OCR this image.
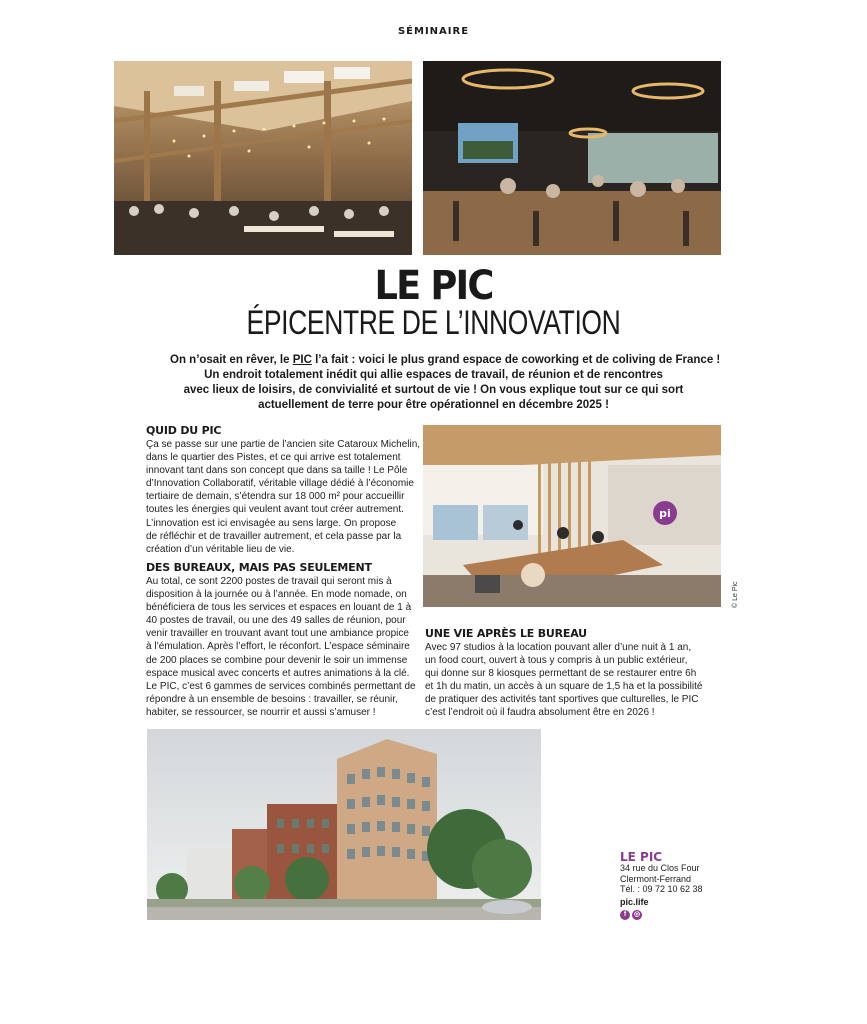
SÉMINAIRE
LE PIC
ÉPICENTRE DE L’INNOVATION
On n’osait en rêver, le PIC l’a fait : voici le plus grand espace de coworking et de coliving de France !
Un endroit totalement inédit qui allie espaces de travail, de réunion et de rencontres
avec lieux de loisirs, de convivialité et surtout de vie ! On vous explique tout sur ce qui sort
actuellement de terre pour être opérationnel en décembre 2025 !
QUID DU PIC
Ça se passe sur une partie de l’ancien site Cataroux Michelin,
dans le quartier des Pistes, et ce qui arrive est totalement
innovant tant dans son concept que dans sa taille ! Le Pôle
d’Innovation Collaboratif, véritable village dédié à l’économie
tertiaire de demain, s’étendra sur 18 000 m² pour accueillir
toutes les énergies qui veulent avant tout créer autrement.
L’innovation est ici envisagée au sens large. On propose
de réfléchir et de travailler autrement, et cela passe par la
création d’un véritable lieu de vie.
DES BUREAUX, MAIS PAS SEULEMENT
Au total, ce sont 2200 postes de travail qui seront mis à
disposition à la journée ou à l’année. En mode nomade, on
bénéficiera de tous les services et espaces en louant de 1 à
40 postes de travail, ou une des 49 salles de réunion, pour
venir travailler en trouvant avant tout une ambiance propice
à l’émulation. Après l’effort, le réconfort. L’espace séminaire
de 200 places se combine pour devenir le soir un immense
espace musical avec concerts et autres animations à la clé.
Le PIC, c’est 6 gammes de services combinés permettant de
répondre à un ensemble de besoins : travailler, se réunir,
habiter, se ressourcer, se nourrir et aussi s’amuser !
pi
© Le Pic
UNE VIE APRÈS LE BUREAU
Avec 97 studios à la location pouvant aller d’une nuit à 1 an,
un food court, ouvert à tous y compris à un public extérieur,
qui donne sur 8 kiosques permettant de se restaurer entre 6h
et 1h du matin, un accès à un square de 1,5 ha et la possibilité
de pratiquer des activités tant sportives que culturelles, le PIC
c’est l’endroit où il faudra absolument être en 2026 !
LE PIC
34 rue du Clos Four
Clermont-Ferrand
Tél. : 09 72 10 62 38
pic.life
f	◎
